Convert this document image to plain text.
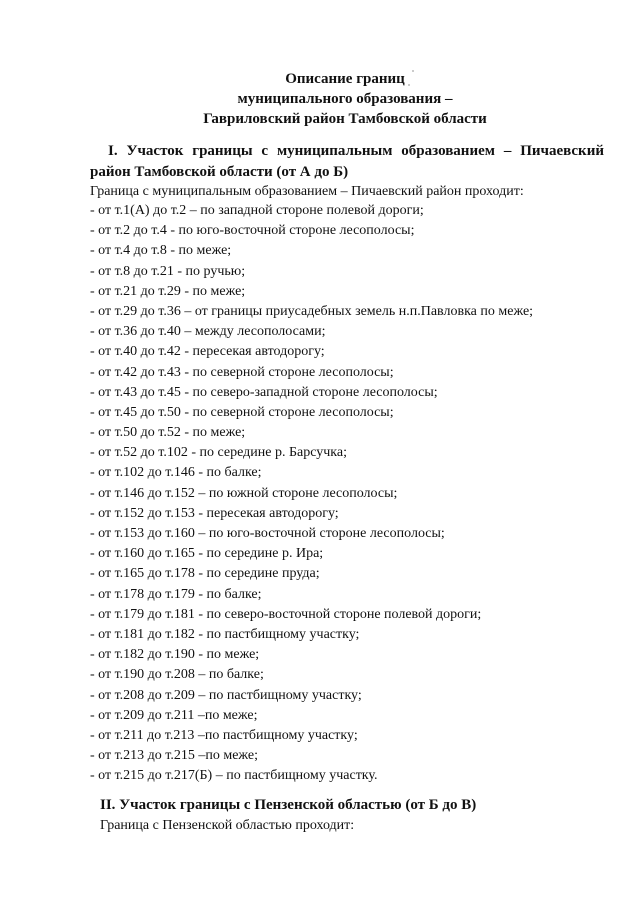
Описание границ
муниципального образования –
Гавриловский район Тамбовской области
I. Участок границы с муниципальным образованием – Пичаевский
район Тамбовской области (от А до Б)
Граница с муниципальным образованием – Пичаевский район проходит:
- от т.1(А) до т.2 – по западной стороне полевой дороги;
- от т.2 до т.4 - по юго-восточной стороне лесополосы;
- от т.4 до т.8 - по меже;
- от т.8 до т.21 - по ручью;
- от т.21 до т.29 - по меже;
- от т.29 до т.36 – от границы приусадебных земель н.п.Павловка по меже;
- от т.36 до т.40 – между лесополосами;
- от т.40 до т.42 - пересекая автодорогу;
- от т.42 до т.43 - по северной стороне лесополосы;
- от т.43 до т.45 - по северо-западной стороне лесополосы;
- от т.45 до т.50 - по северной стороне лесополосы;
- от т.50 до т.52 - по меже;
- от т.52 до т.102 - по середине р. Барсучка;
- от т.102 до т.146 - по балке;
- от т.146 до т.152 – по южной стороне лесополосы;
- от т.152 до т.153 - пересекая автодорогу;
- от т.153 до т.160 – по юго-восточной стороне лесополосы;
- от т.160 до т.165 - по середине р. Ира;
- от т.165 до т.178 - по середине пруда;
- от т.178 до т.179 - по балке;
- от т.179 до т.181 - по северо-восточной стороне полевой дороги;
- от т.181 до т.182 - по пастбищному участку;
- от т.182 до т.190 - по меже;
- от т.190 до т.208 – по балке;
- от т.208 до т.209 – по пастбищному участку;
- от т.209 до т.211 –по меже;
- от т.211 до т.213 –по пастбищному участку;
- от т.213 до т.215 –по меже;
- от т.215 до т.217(Б) – по пастбищному участку.
II. Участок границы с Пензенской областью (от Б до В)
Граница с Пензенской областью проходит:
